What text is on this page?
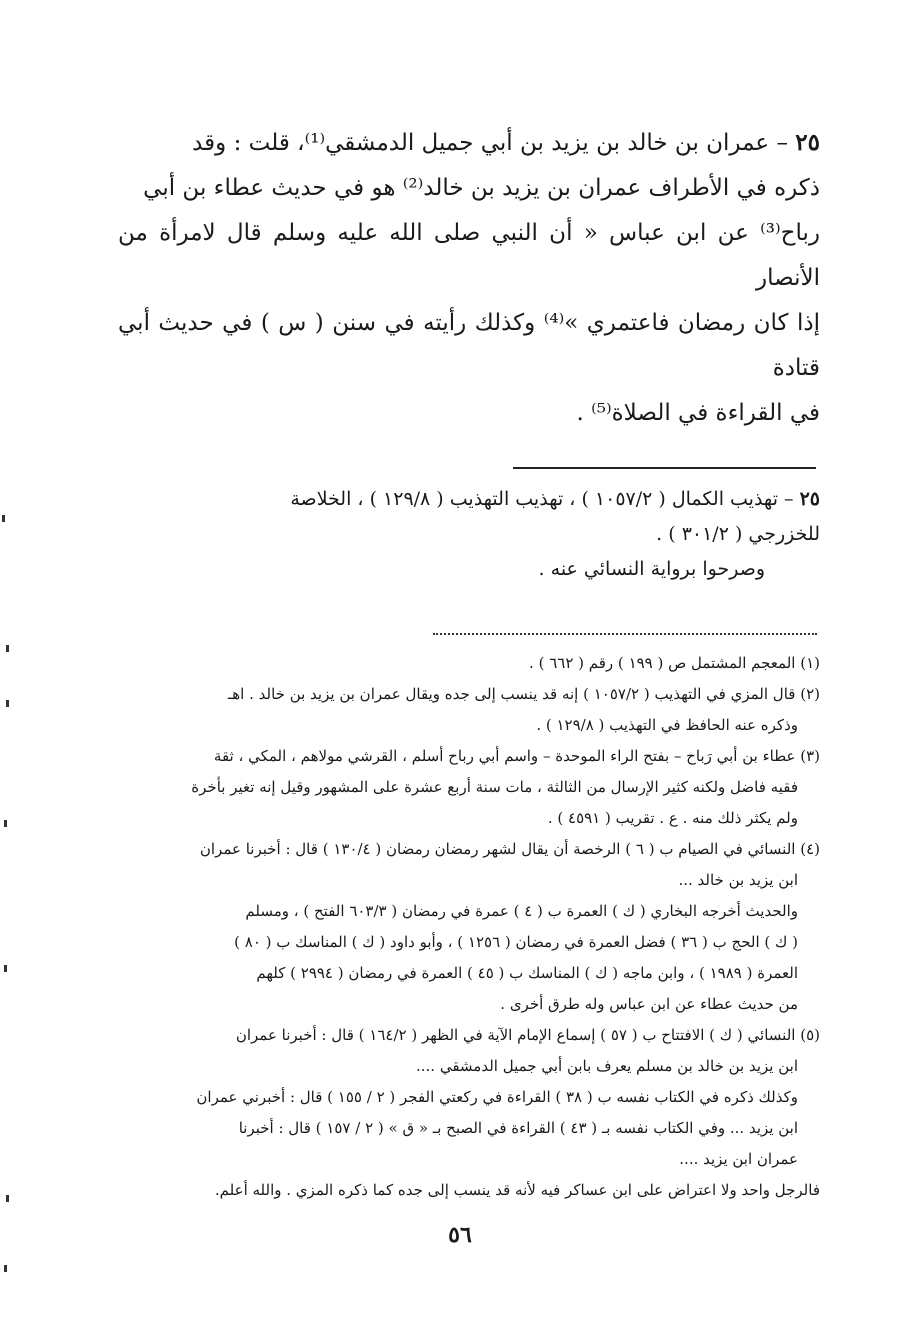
٢٥ – عمران بن خالد بن يزيد بن أبي جميل الدمشقي⁽¹⁾، قلت : وقد
ذكره في الأطراف عمران بن يزيد بن خالد⁽²⁾ هو في حديث عطاء بن أبي
رباح⁽³⁾ عن ابن عباس « أن النبي صلى الله عليه وسلم قال لامرأة من الأنصار
إذا كان رمضان فاعتمري »⁽⁴⁾ وكذلك رأيته في سنن ( س ) في حديث أبي قتادة
في القراءة في الصلاة⁽⁵⁾ .
٢٥ – تهذيب الكمال ( ١٠٥٧/٢ ) ، تهذيب التهذيب ( ١٢٩/٨ ) ، الخلاصة
للخزرجي ( ٣٠١/٢ ) .
وصرحوا برواية النسائي عنه .
(١) المعجم المشتمل ص ( ١٩٩ ) رقم ( ٦٦٢ ) .
(٢) قال المزي في التهذيب ( ١٠٥٧/٢ ) إنه قد ينسب إلى جده ويقال عمران بن يزيد بن خالد . اهـ
وذكره عنه الحافظ في التهذيب ( ١٢٩/٨ ) .
(٣) عطاء بن أبي رَباح – بفتح الراء الموحدة – واسم أبي رباح أسلم ، القرشي مولاهم ، المكي ، ثقة
فقيه فاضل ولكنه كثير الإرسال من الثالثة ، مات سنة أربع عشرة على المشهور وقيل إنه تغير بأخرة
ولم يكثر ذلك منه . ع . تقريب ( ٤٥٩١ ) .
(٤) النسائي في الصيام ب ( ٦ ) الرخصة أن يقال لشهر رمضان رمضان ( ١٣٠/٤ ) قال : أخبرنا عمران
ابن يزيد بن خالد ...
والحديث أخرجه البخاري ( ك ) العمرة ب ( ٤ ) عمرة في رمضان ( ٦٠٣/٣ الفتح ) ، ومسلم
( ك ) الحج ب ( ٣٦ ) فضل العمرة في رمضان ( ١٢٥٦ ) ، وأبو داود ( ك ) المناسك ب ( ٨٠ )
العمرة ( ١٩٨٩ ) ، وابن ماجه ( ك ) المناسك ب ( ٤٥ ) العمرة في رمضان ( ٢٩٩٤ ) كلهم
من حديث عطاء عن ابن عباس وله طرق أخرى .
(٥) النسائي ( ك ) الافتتاح ب ( ٥٧ ) إسماع الإمام الآية في الظهر ( ١٦٤/٢ ) قال : أخبرنا عمران
ابن يزيد بن خالد بن مسلم يعرف بابن أبي جميل الدمشقي ....
وكذلك ذكره في الكتاب نفسه ب ( ٣٨ ) القراءة في ركعتي الفجر ( ٢ / ١٥٥ ) قال : أخبرني عمران
ابن يزيد ... وفي الكتاب نفسه بـ ( ٤٣ ) القراءة في الصبح بـ « ق » ( ٢ / ١٥٧ ) قال : أخبرنا
عمران ابن يزيد ....
فالرجل واحد ولا اعتراض على ابن عساكر فيه لأنه قد ينسب إلى جده كما ذكره المزي . والله أعلم.
٥٦
